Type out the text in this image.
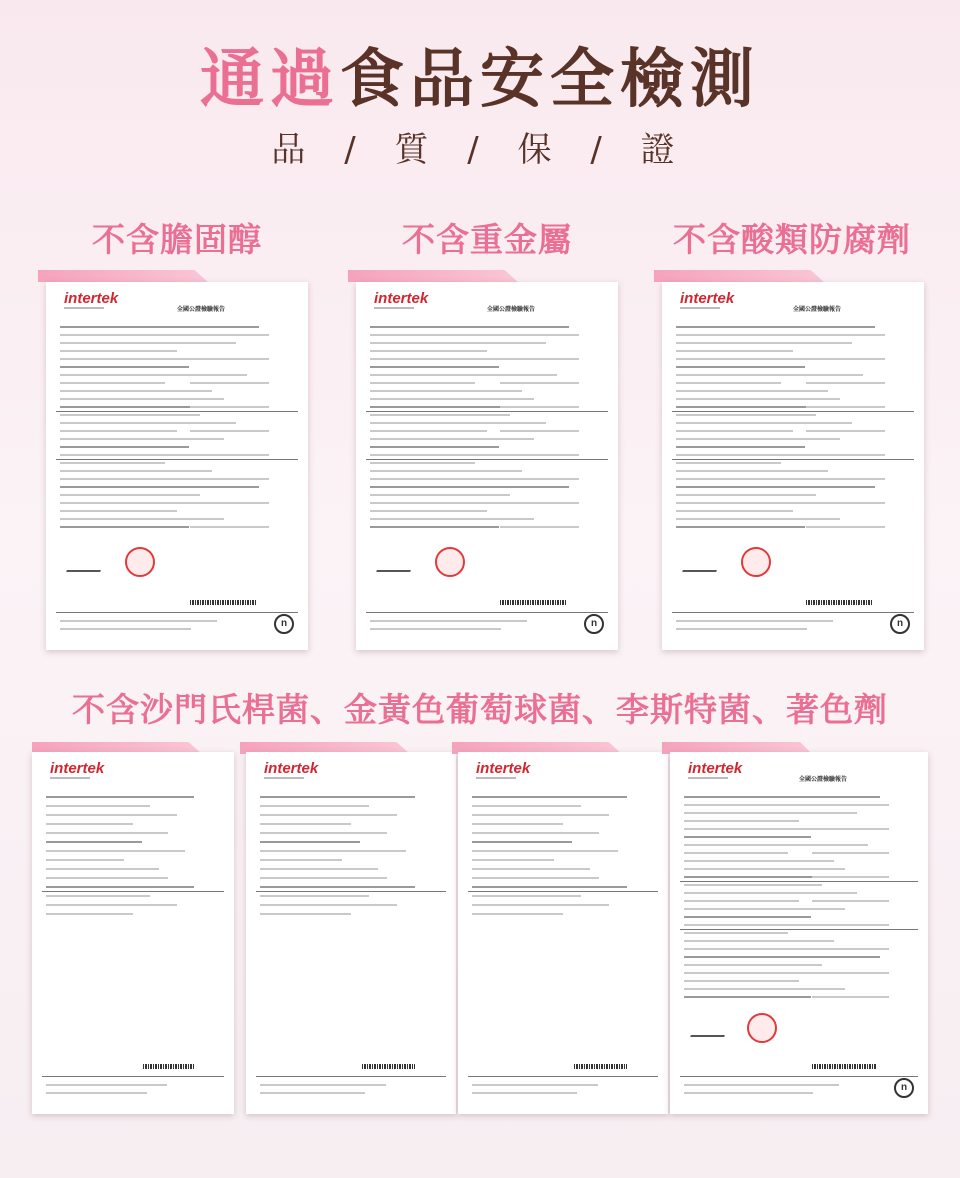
通過食品安全檢測
品 / 質 / 保 / 證
不含膽固醇	不含重金屬	不含酸類防腐劑
不含沙門氏桿菌、金黃色葡萄球菌、李斯特菌、著色劑
intertek
全國公證檢驗報告
n
intertek
全國公證檢驗報告
n
intertek
全國公證檢驗報告
n
intertek	intertek	intertek	intertek
全國公證檢驗報告
n
